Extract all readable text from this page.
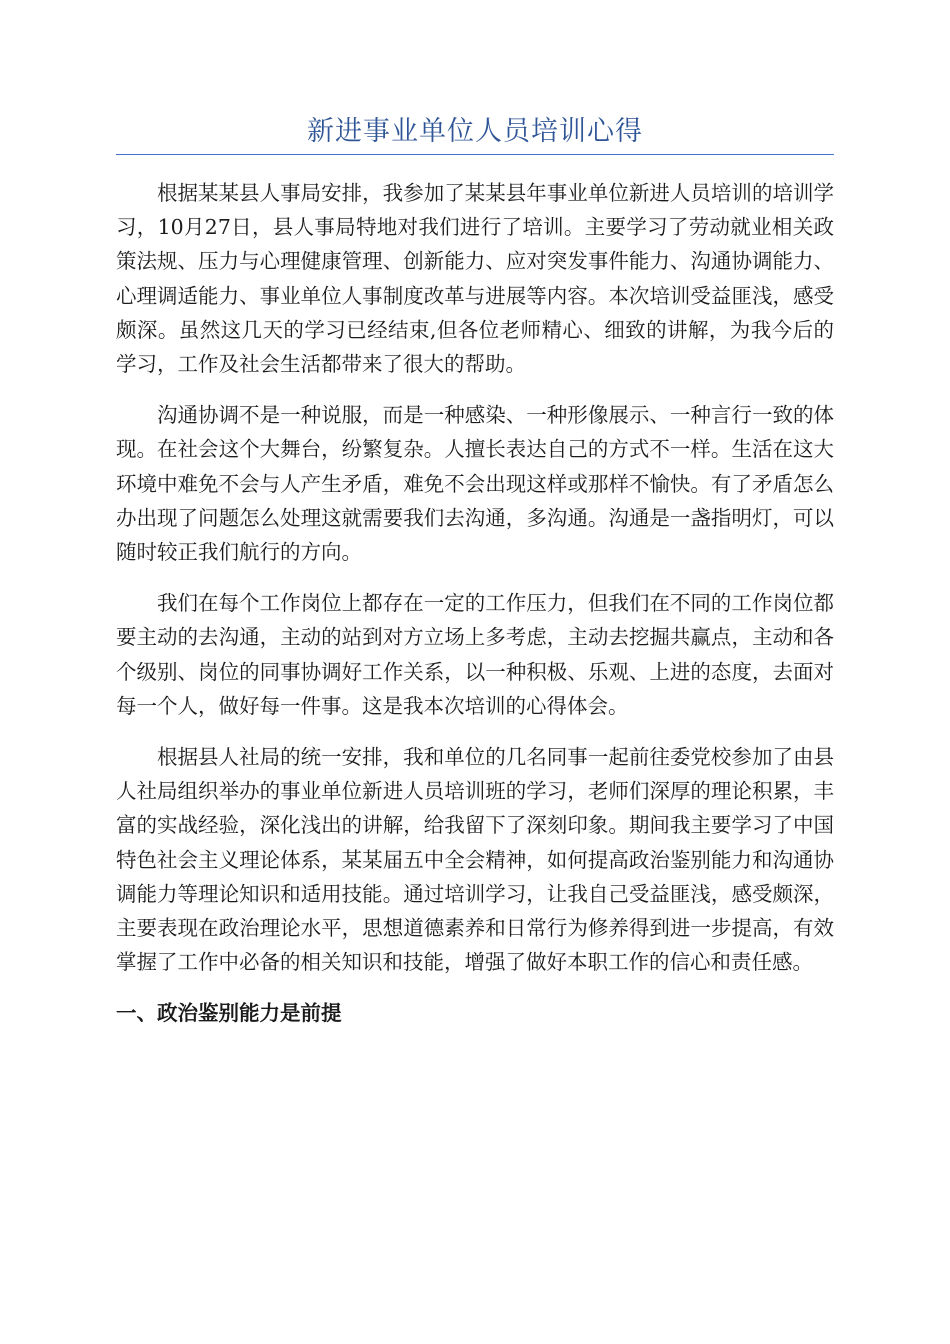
新进事业单位人员培训心得

根据某某县人事局安排，我参加了某某县年事业单位新进人员培训的培训学习，10月27日，县人事局特地对我们进行了培训。主要学习了劳动就业相关政策法规、压力与心理健康管理、创新能力、应对突发事件能力、沟通协调能力、心理调适能力、事业单位人事制度改革与进展等内容。本次培训受益匪浅，感受颇深。虽然这几天的学习已经结束,但各位老师精心、细致的讲解，为我今后的学习，工作及社会生活都带来了很大的帮助。

沟通协调不是一种说服，而是一种感染、一种形像展示、一种言行一致的体现。在社会这个大舞台，纷繁复杂。人擅长表达自己的方式不一样。生活在这大环境中难免不会与人产生矛盾，难免不会出现这样或那样不愉快。有了矛盾怎么办出现了问题怎么处理这就需要我们去沟通，多沟通。沟通是一盏指明灯，可以随时较正我们航行的方向。

我们在每个工作岗位上都存在一定的工作压力，但我们在不同的工作岗位都要主动的去沟通，主动的站到对方立场上多考虑，主动去挖掘共赢点，主动和各个级别、岗位的同事协调好工作关系，以一种积极、乐观、上进的态度，去面对每一个人，做好每一件事。这是我本次培训的心得体会。

根据县人社局的统一安排，我和单位的几名同事一起前往委党校参加了由县人社局组织举办的事业单位新进人员培训班的学习，老师们深厚的理论积累，丰富的实战经验，深化浅出的讲解，给我留下了深刻印象。期间我主要学习了中国特色社会主义理论体系，某某届五中全会精神，如何提高政治鉴别能力和沟通协调能力等理论知识和适用技能。通过培训学习，让我自己受益匪浅，感受颇深，主要表现在政治理论水平，思想道德素养和日常行为修养得到进一步提高，有效掌握了工作中必备的相关知识和技能，增强了做好本职工作的信心和责任感。

一、政治鉴别能力是前提
